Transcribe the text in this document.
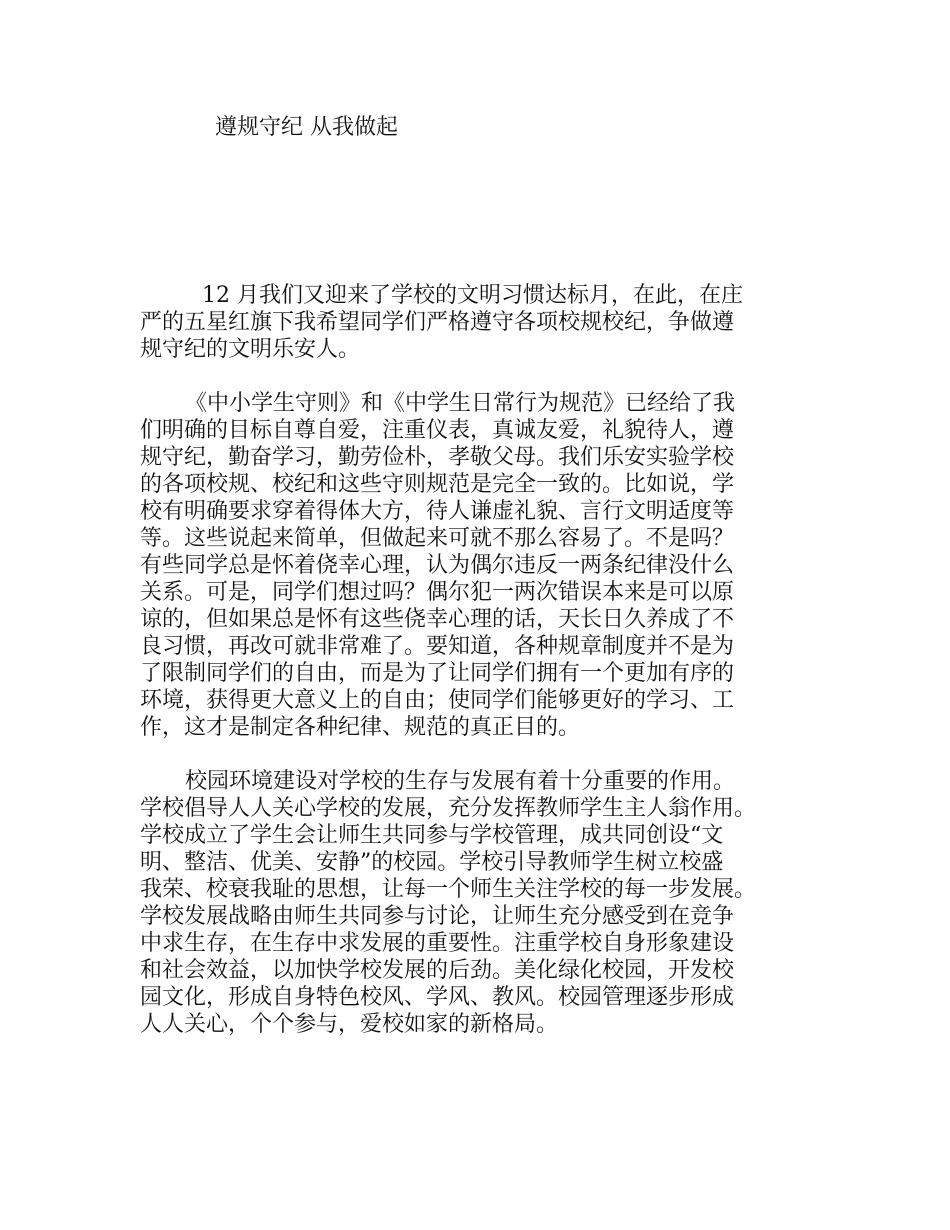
遵规守纪 从我做起
12 月我们又迎来了学校的文明习惯达标月，在此，在庄
严的五星红旗下我希望同学们严格遵守各项校规校纪，争做遵
规守纪的文明乐安人。
《中小学生守则》和《中学生日常行为规范》已经给了我
们明确的目标自尊自爱，注重仪表，真诚友爱，礼貌待人，遵
规守纪，勤奋学习，勤劳俭朴，孝敬父母。我们乐安实验学校
的各项校规、校纪和这些守则规范是完全一致的。比如说，学
校有明确要求穿着得体大方，待人谦虚礼貌、言行文明适度等
等。这些说起来简单，但做起来可就不那么容易了。不是吗？
有些同学总是怀着侥幸心理，认为偶尔违反一两条纪律没什么
关系。可是，同学们想过吗？偶尔犯一两次错误本来是可以原
谅的，但如果总是怀有这些侥幸心理的话，天长日久养成了不
良习惯，再改可就非常难了。要知道，各种规章制度并不是为
了限制同学们的自由，而是为了让同学们拥有一个更加有序的
环境，获得更大意义上的自由；使同学们能够更好的学习、工
作，这才是制定各种纪律、规范的真正目的。
校园环境建设对学校的生存与发展有着十分重要的作用。
学校倡导人人关心学校的发展，充分发挥教师学生主人翁作用。
学校成立了学生会让师生共同参与学校管理，成共同创设“文
明、整洁、优美、安静”的校园。学校引导教师学生树立校盛
我荣、校衰我耻的思想，让每一个师生关注学校的每一步发展。
学校发展战略由师生共同参与讨论，让师生充分感受到在竞争
中求生存，在生存中求发展的重要性。注重学校自身形象建设
和社会效益，以加快学校发展的后劲。美化绿化校园，开发校
园文化，形成自身特色校风、学风、教风。校园管理逐步形成
人人关心，个个参与，爱校如家的新格局。
